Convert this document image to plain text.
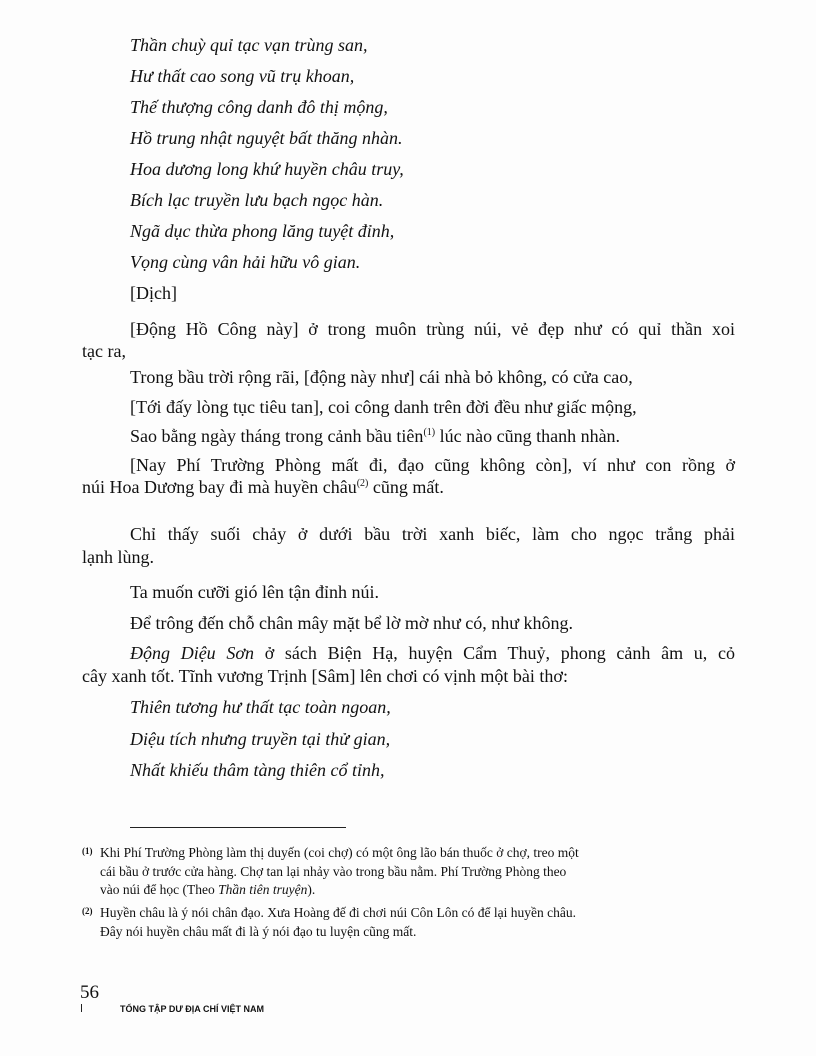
Thần chuỳ quỉ tạc vạn trùng san,
Hư thất cao song vũ trụ khoan,
Thế thượng công danh đô thị mộng,
Hồ trung nhật nguyệt bất thăng nhàn.
Hoa dương long khứ huyền châu truy,
Bích lạc truyền lưu bạch ngọc hàn.
Ngã dục thừa phong lăng tuyệt đỉnh,
Vọng cùng vân hải hữu vô gian.
[Dịch]
[Động Hồ Công này] ở trong muôn trùng núi, vẻ đẹp như có quỉ thần xoi
tạc ra,
Trong bầu trời rộng rãi, [động này như] cái nhà bỏ không, có cửa cao,
[Tới đấy lòng tục tiêu tan], coi công danh trên đời đều như giấc mộng,
Sao bằng ngày tháng trong cảnh bầu tiên$^{(1)}$ lúc nào cũng thanh nhàn.
[Nay Phí Trường Phòng mất đi, đạo cũng không còn], ví như con rồng ở
núi Hoa Dương bay đi mà huyền châu$^{(2)}$ cũng mất.
Chỉ thấy suối chảy ở dưới bầu trời xanh biếc, làm cho ngọc trắng phải
lạnh lùng.
Ta muốn cưỡi gió lên tận đỉnh núi.
Để trông đến chỗ chân mây mặt bể lờ mờ như có, như không.
Động Diệu Sơn ở sách Biện Hạ, huyện Cẩm Thuỷ, phong cảnh âm u, cỏ
cây xanh tốt. Tĩnh vương Trịnh [Sâm] lên chơi có vịnh một bài thơ:
Thiên tương hư thất tạc toàn ngoan,
Diệu tích nhưng truyền tại thử gian,
Nhất khiếu thâm tàng thiên cổ tỉnh,
(1) Khi Phí Trường Phòng làm thị duyến (coi chợ) có một ông lão bán thuốc ở chợ, treo một
cái bầu ở trước cửa hàng. Chợ tan lại nhảy vào trong bầu nằm. Phí Trường Phòng theo
vào núi để học (Theo Thần tiên truyện).
(2) Huyền châu là ý nói chân đạo. Xưa Hoàng đế đi chơi núi Côn Lôn có để lại huyền châu.
Đây nói huyền châu mất đi là ý nói đạo tu luyện cũng mất.
56
TỔNG TẬP DƯ ĐỊA CHÍ VIỆT NAM
